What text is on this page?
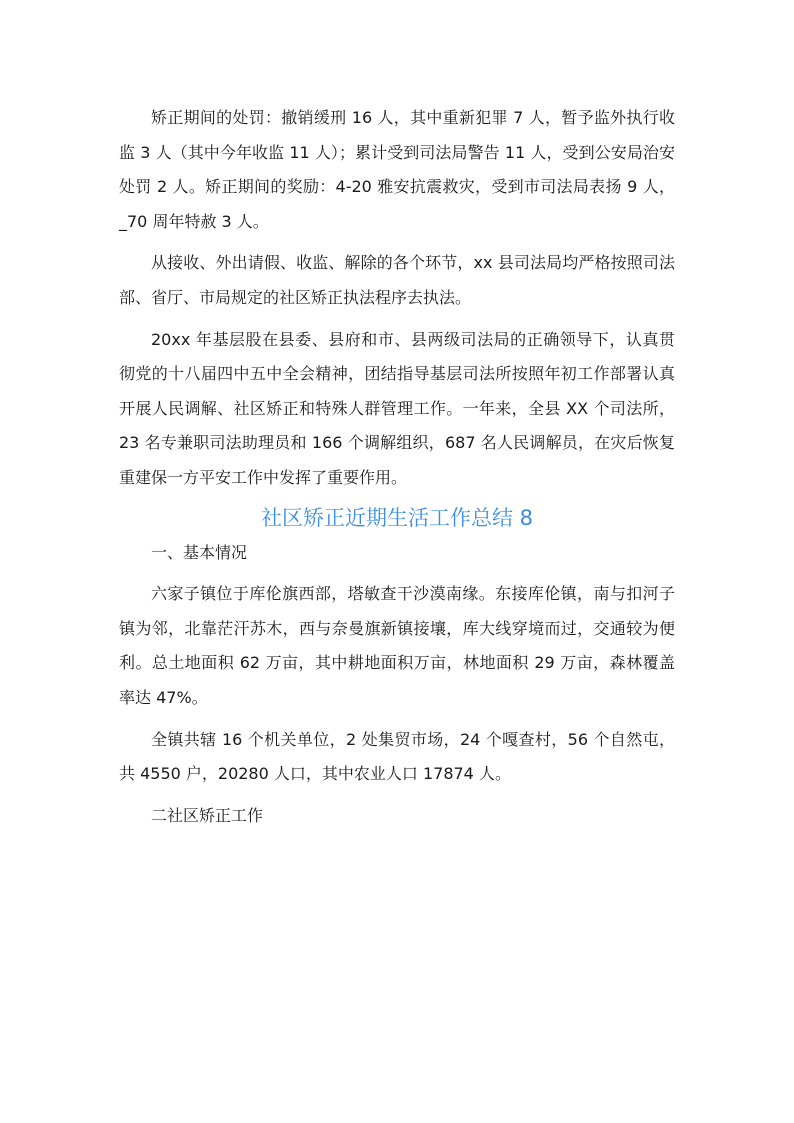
矫正期间的处罚：撤销缓刑 16 人，其中重新犯罪 7 人，暂予监外执行收监 3 人（其中今年收监 11 人）；累计受到司法局警告 11 人，受到公安局治安处罚 2 人。矫正期间的奖励：4-20 雅安抗震救灾，受到市司法局表扬 9 人，_70 周年特赦 3 人。

从接收、外出请假、收监、解除的各个环节，xx 县司法局均严格按照司法部、省厅、市局规定的社区矫正执法程序去执法。

20xx 年基层股在县委、县府和市、县两级司法局的正确领导下，认真贯彻党的十八届四中五中全会精神，团结指导基层司法所按照年初工作部署认真开展人民调解、社区矫正和特殊人群管理工作。一年来，全县 XX 个司法所，23 名专兼职司法助理员和 166 个调解组织，687 名人民调解员，在灾后恢复重建保一方平安工作中发挥了重要作用。

社区矫正近期生活工作总结 8

一、基本情况

六家子镇位于库伦旗西部，塔敏查干沙漠南缘。东接库伦镇，南与扣河子镇为邻，北靠茫汗苏木，西与奈曼旗新镇接壤，库大线穿境而过，交通较为便利。总土地面积 62 万亩，其中耕地面积万亩，林地面积 29 万亩，森林覆盖率达 47%。

全镇共辖 16 个机关单位，2 处集贸市场，24 个嘎查村，56 个自然屯，共 4550 户，20280 人口，其中农业人口 17874 人。

二社区矫正工作
